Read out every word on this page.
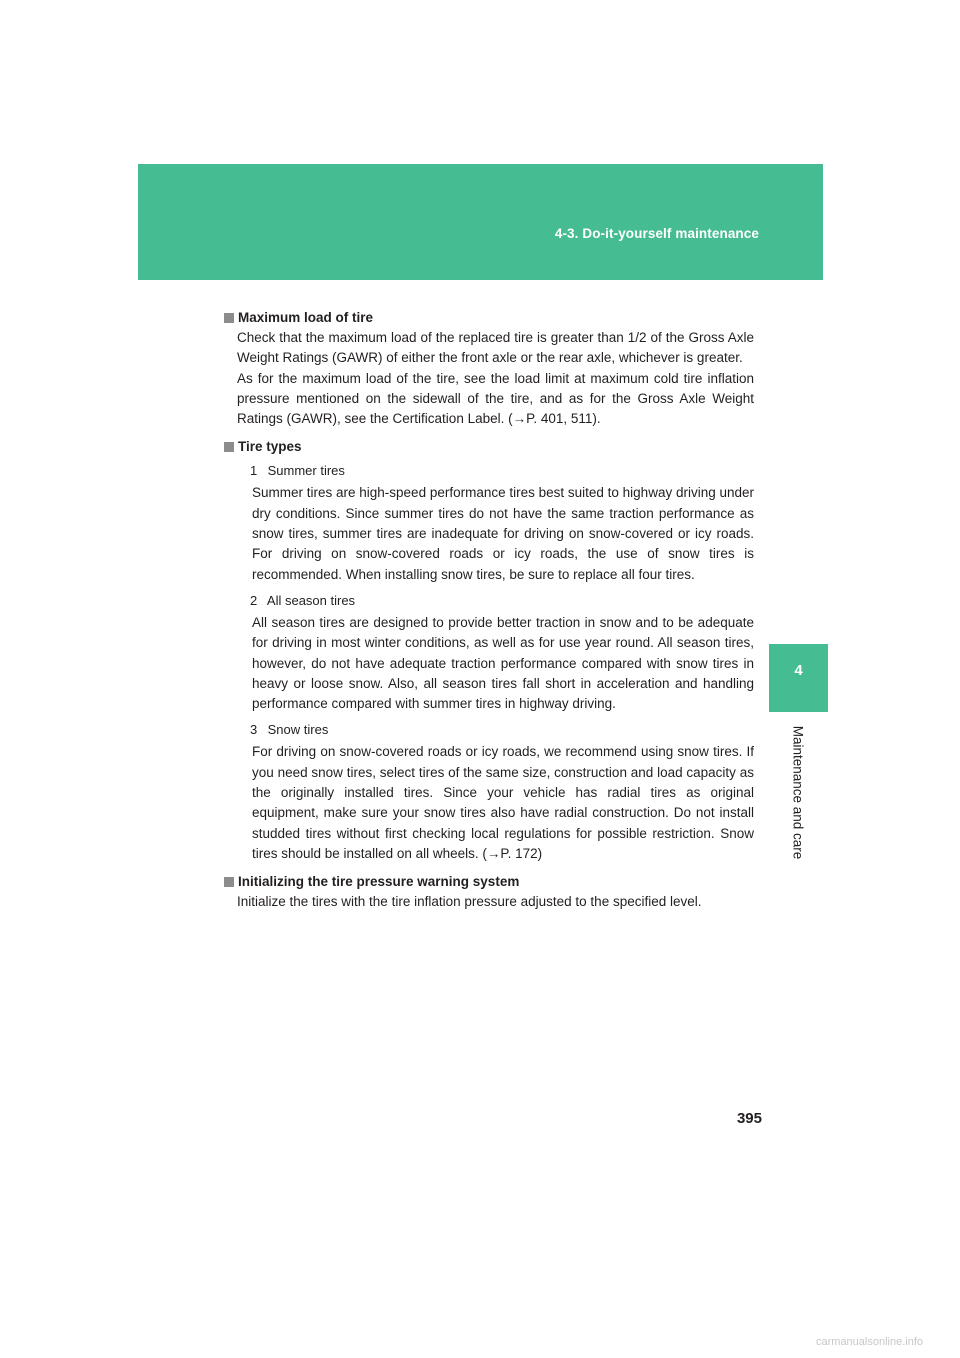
4-3. Do-it-yourself maintenance
4
Maintenance and care

Maximum load of tire

Check that the maximum load of the replaced tire is greater than 1/2 of the Gross Axle Weight Ratings (GAWR) of either the front axle or the rear axle, whichever is greater.

As for the maximum load of the tire, see the load limit at maximum cold tire inflation pressure mentioned on the sidewall of the tire, and as for the Gross Axle Weight Ratings (GAWR), see the Certification Label. (→P. 401, 511).

Tire types

1 Summer tires

Summer tires are high-speed performance tires best suited to highway driving under dry conditions. Since summer tires do not have the same traction performance as snow tires, summer tires are inadequate for driving on snow-covered or icy roads. For driving on snow-covered roads or icy roads, the use of snow tires is recommended. When installing snow tires, be sure to replace all four tires.

2 All season tires

All season tires are designed to provide better traction in snow and to be adequate for driving in most winter conditions, as well as for use year round. All season tires, however, do not have adequate traction performance compared with snow tires in heavy or loose snow. Also, all season tires fall short in acceleration and handling performance compared with summer tires in highway driving.

3 Snow tires

For driving on snow-covered roads or icy roads, we recommend using snow tires. If you need snow tires, select tires of the same size, construction and load capacity as the originally installed tires. Since your vehicle has radial tires as original equipment, make sure your snow tires also have radial construction. Do not install studded tires without first checking local regulations for possible restriction. Snow tires should be installed on all wheels. (→P. 172)

Initializing the tire pressure warning system

Initialize the tires with the tire inflation pressure adjusted to the specified level.

395
carmanualsonline.info
